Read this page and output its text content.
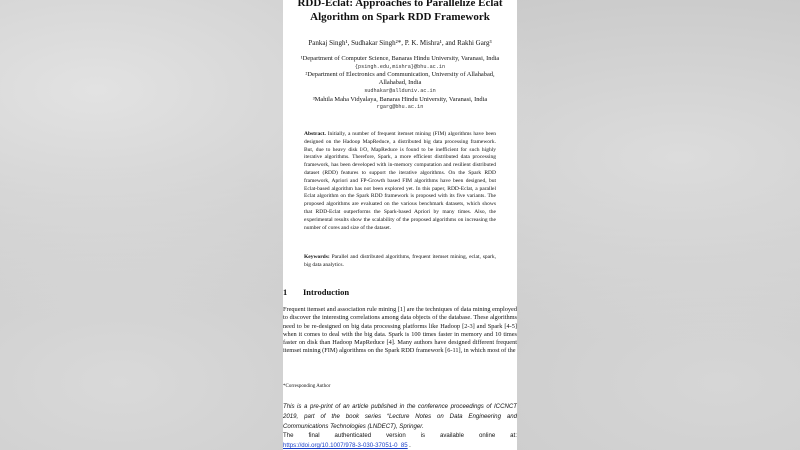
RDD-Eclat: Approaches to Parallelize Eclat
Algorithm on Spark RDD Framework
Pankaj Singh¹, Sudhakar Singh²*, P. K. Mishra¹, and Rakhi Garg³
¹Department of Computer Science, Banaras Hindu University, Varanasi, India
{psingh.edu,mishra}@bhu.ac.in
²Department of Electronics and Communication, University of Allahabad,
Allahabad, India
sudhakar@allduniv.ac.in
³Mahila Maha Vidyalaya, Banaras Hindu University, Varanasi, India
rgarg@bhu.ac.in
Abstract. Initially, a number of frequent itemset mining (FIM) algorithms have been designed on the Hadoop MapReduce, a distributed big data processing framework. But, due to heavy disk I/O, MapReduce is found to be inefficient for such highly iterative algorithms. Therefore, Spark, a more efficient distributed data processing framework, has been developed with in-memory computation and resilient distributed dataset (RDD) features to support the iterative algorithms. On the Spark RDD framework, Apriori and FP-Growth based FIM algorithms have been designed, but Eclat-based algorithm has not been explored yet. In this paper, RDD-Eclat, a parallel Eclat algorithm on the Spark RDD framework is proposed with its five variants. The proposed algorithms are evaluated on the various benchmark datasets, which shows that RDD-Eclat outperforms the Spark-based Apriori by many times. Also, the experimental results show the scalability of the proposed algorithms on increasing the number of cores and size of the dataset.
Keywords: Parallel and distributed algorithms, frequent itemset mining, eclat, spark, big data analytics.
1 Introduction
Frequent itemset and association rule mining [1] are the techniques of data mining employed to discover the interesting correlations among data objects of the database. These algorithms need to be re-designed on big data processing platforms like Hadoop [2-3] and Spark [4-5] when it comes to deal with the big data. Spark is 100 times faster in memory and 10 times faster on disk than Hadoop MapReduce [4]. Many authors have designed different frequent itemset mining (FIM) algorithms on the Spark RDD framework [6-11], in which most of the
*Corresponding Author
This is a pre-print of an article published in the conference proceedings of ICCNCT 2019, part of the book series “Lecture Notes on Data Engineering and Communications Technologies (LNDECT), Springer.
The final authenticated version is available online at:
https://doi.org/10.1007/978-3-030-37051-0_85 .
